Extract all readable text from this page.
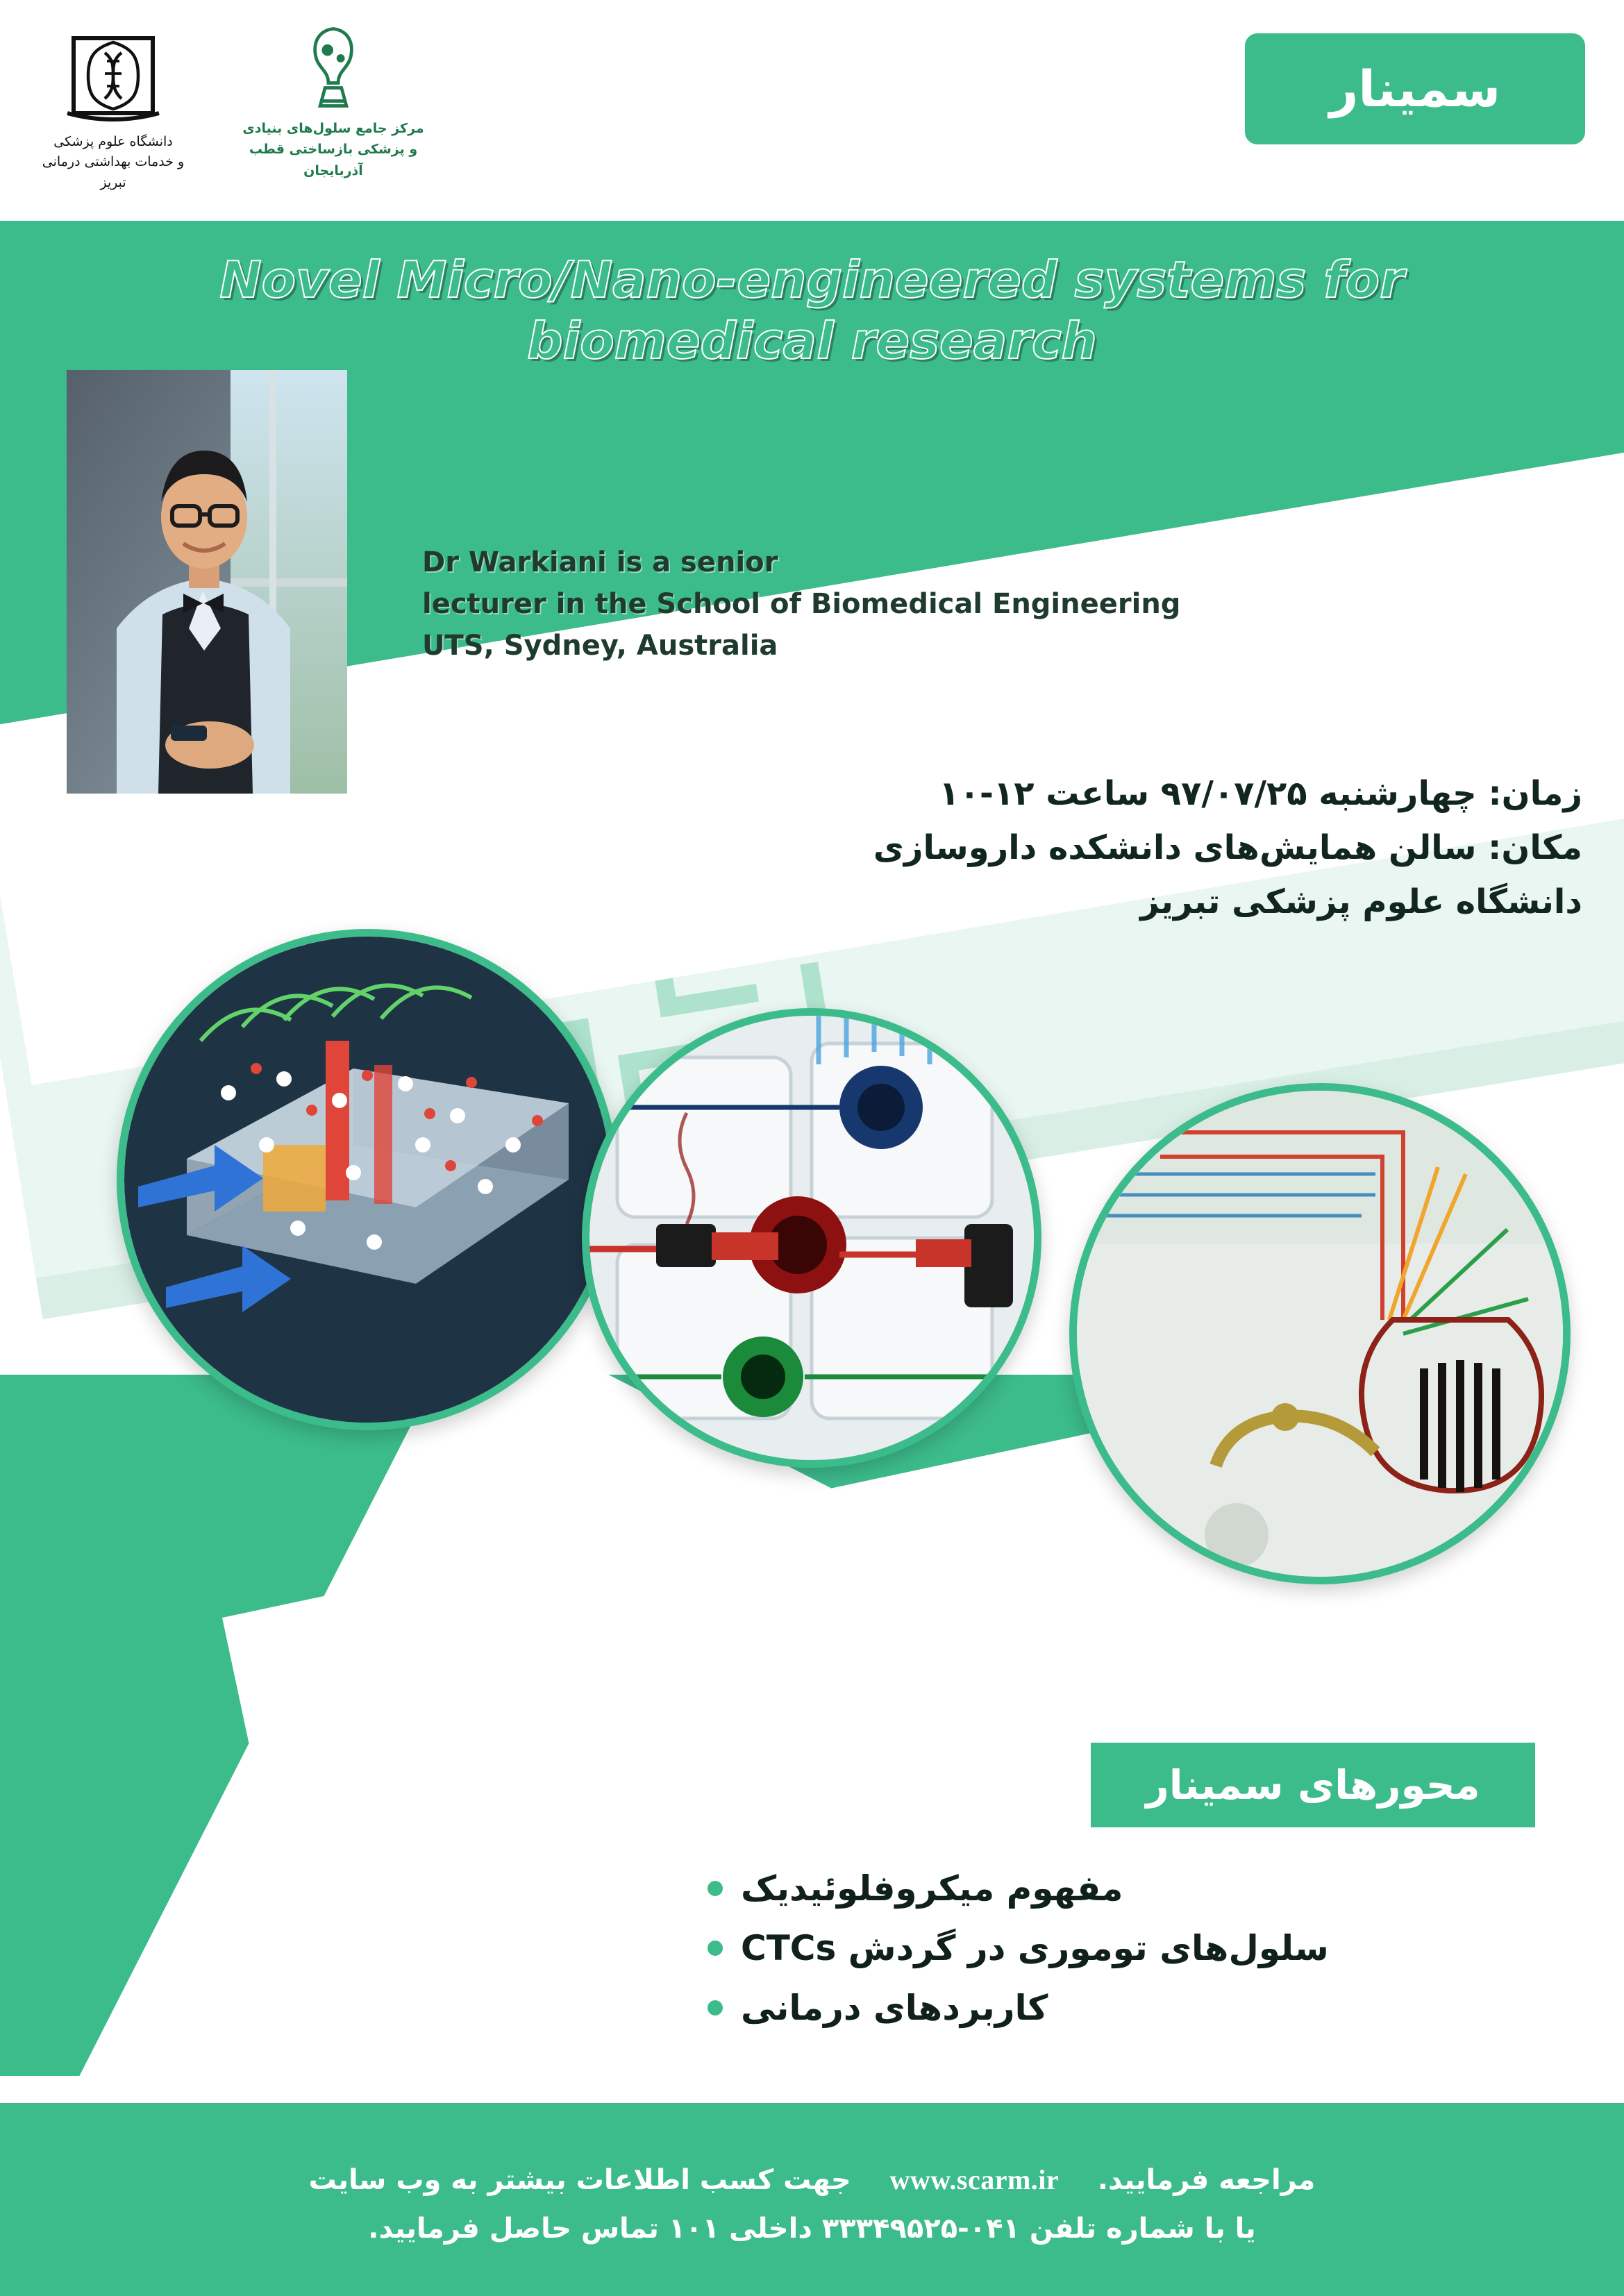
دانشگاه علوم پزشکی
و خدمات بهداشتی درمانی تبریز
مرکز جامع سلول‌های بنیادی
و پزشکی بازساختی قطب
آذربایجان
سمینار
Novel Micro/Nano-engineered systems for
biomedical research
Dr Warkiani is a senior
lecturer in the School of Biomedical Engineering
UTS, Sydney, Australia
زمان: چهارشنبه ۹۷/۰۷/۲۵ ساعت ۱۲-۱۰
مکان: سالن همایش‌های دانشکده داروسازی
دانشگاه علوم پزشکی تبریز
محورهای سمینار
مفهوم میکروفلوئیدیک
سلول‌های توموری در گردش CTCs
کاربردهای درمانی
مراجعه فرمایید.    www.scarm.ir    جهت کسب اطلاعات بیشتر به وب سایت
یا با شماره تلفن ۰۴۱-۳۳۳۴۹۵۲۵ داخلی ۱۰۱ تماس حاصل فرمایید.
